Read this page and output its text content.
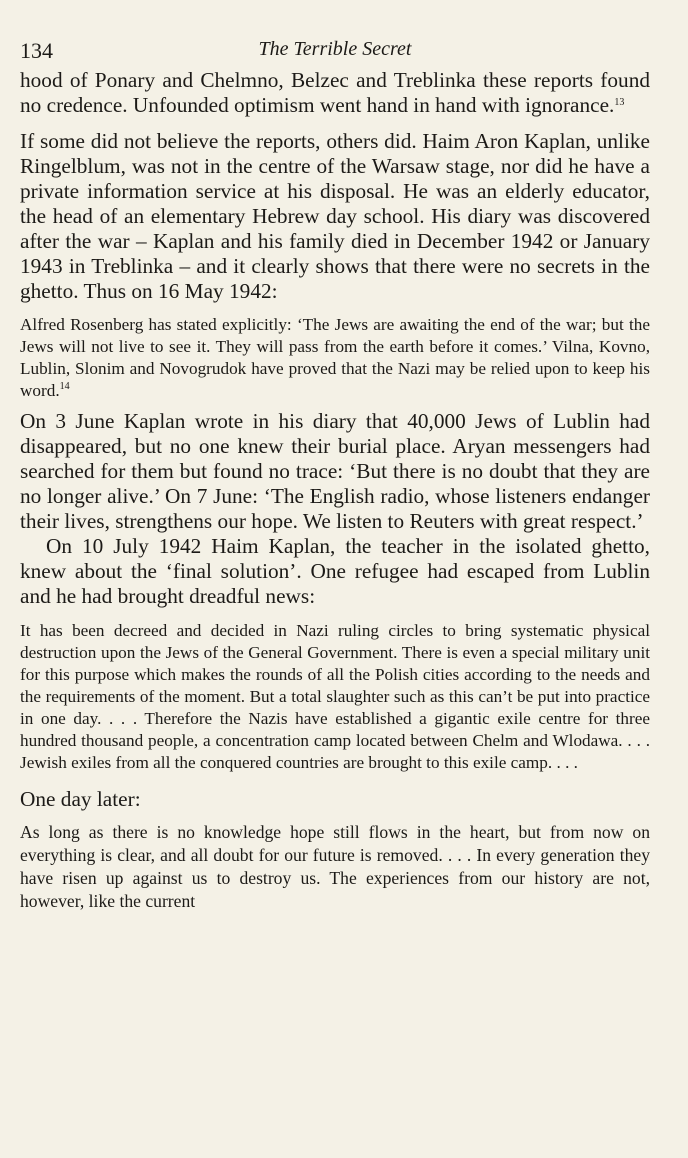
134	The Terrible Secret

hood of Ponary and Chelmno, Belzec and Treblinka these reports found no credence. Unfounded optimism went hand in hand with ignorance.$^{13}$

If some did not believe the reports, others did. Haim Aron Kaplan, unlike Ringelblum, was not in the centre of the Warsaw stage, nor did he have a private information service at his disposal. He was an elderly educator, the head of an elementary Hebrew day school. His diary was discovered after the war – Kaplan and his family died in December 1942 or January 1943 in Treblinka – and it clearly shows that there were no secrets in the ghetto. Thus on 16 May 1942:

Alfred Rosenberg has stated explicitly: ‘The Jews are awaiting the end of the war; but the Jews will not live to see it. They will pass from the earth before it comes.’ Vilna, Kovno, Lublin, Slonim and Novogrudok have proved that the Nazi may be relied upon to keep his word.$^{14}$

On 3 June Kaplan wrote in his diary that 40,000 Jews of Lublin had disappeared, but no one knew their burial place. Aryan messengers had searched for them but found no trace: ‘But there is no doubt that they are no longer alive.’ On 7 June: ‘The English radio, whose listeners endanger their lives, strengthens our hope. We listen to Reuters with great respect.’

On 10 July 1942 Haim Kaplan, the teacher in the isolated ghetto, knew about the ‘final solution’. One refugee had escaped from Lublin and he had brought dreadful news:

It has been decreed and decided in Nazi ruling circles to bring systematic physical destruction upon the Jews of the General Government. There is even a special military unit for this purpose which makes the rounds of all the Polish cities according to the needs and the requirements of the moment. But a total slaughter such as this can’t be put into practice in one day. . . . Therefore the Nazis have established a gigantic exile centre for three hundred thousand people, a concentration camp located between Chelm and Wlodawa. . . . Jewish exiles from all the conquered countries are brought to this exile camp. . . .

One day later:

As long as there is no knowledge hope still flows in the heart, but from now on everything is clear, and all doubt for our future is removed. . . . In every generation they have risen up against us to destroy us. The experiences from our history are not, however, like the current
